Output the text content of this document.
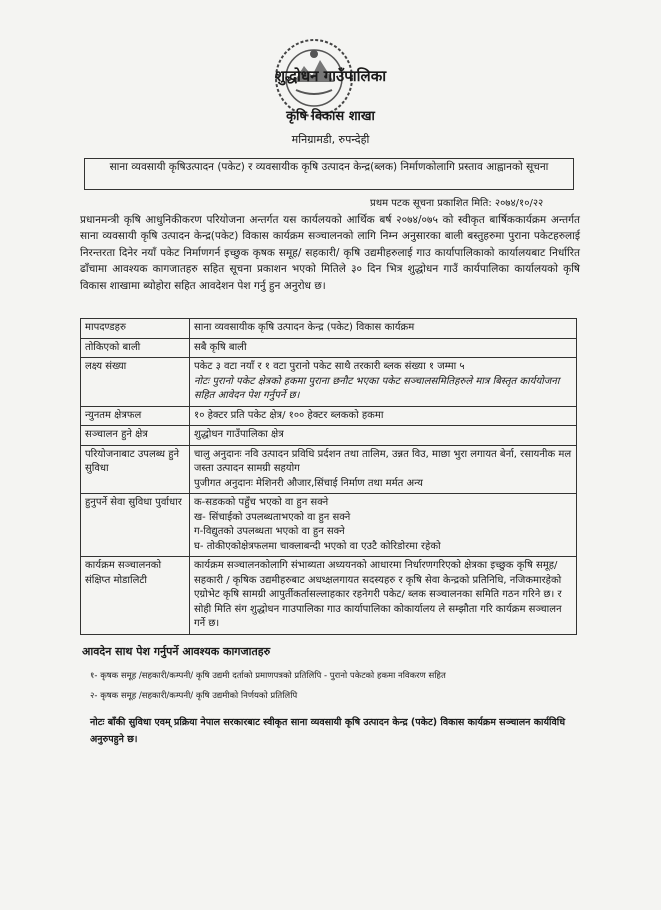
शुद्धोधन गाउँपालिका
कृषि विकास शाखा
मनिग्रामडी, रुपन्देही
साना व्यवसायी कृषिउत्पादन (पकेट) र व्यवसायीक कृषि उत्पादन केन्द्र(ब्लक) निर्माणकोलागि प्रस्ताव आह्वानको सूचना
प्रथम पटक सूचना प्रकाशित मिति: २०७४/१०/२२
प्रधानमन्त्री कृषि आधुनिकीकरण परियोजना अन्तर्गत यस कार्यलयको आर्थिक बर्ष २०७४/०७५ को स्वीकृत बार्षिककार्यक्रम अन्तर्गत साना व्यवसायी कृषि उत्पादन केन्द्र(पकेट) विकास कार्यक्रम सञ्चालनको लागि निम्न अनुसारका बाली बस्तुहरुमा पुराना पकेटहरुलाई निरन्तरता दिनेर नयाँ पकेट निर्माणगर्न इच्छुक कृषक समूह/ सहकारी/ कृषि उद्यमीहरुलाई गाउ कार्यापालिकाको कार्यालयबाट निर्धारित ढाँचामा आवश्यक कागजातहरु सहित सूचना प्रकाशन भएको मितिले ३० दिन भित्र शुद्धोधन गाउँ कार्यपालिका कार्यालयको कृषि विकास शाखामा ब्योहोरा सहित आवदेशन पेश गर्नु हुन अनुरोध छ।
मापदण्डहरु	साना व्यवसायीक कृषि उत्पादन केन्द्र (पकेट) विकास कार्यक्रम
तोकिएको बाली	सबै कृषि बाली
लक्ष्य संख्या	पकेट ३ वटा नयाँ र १ वटा पुरानो पकेट साथै तरकारी ब्लक संख्या १ जम्मा ५
नोटः पुरानो पकेट क्षेत्रको हकमा पुराना छनौट भएका पकेट सञ्चालसमितिहरुले मात्र बिस्तृत कार्ययोजना सहित आवेदन पेश गर्नुपर्ने छ।

न्युनतम क्षेत्रफल	१० हेक्टर प्रति पकेट क्षेत्र/ १०० हेक्टर ब्लकको हकमा
सञ्चालन हुने क्षेत्र	शुद्धोधन गाउँपालिका क्षेत्र
परियोजनाबाट उपलब्ध हुने सुविधा	चालु अनुदानः नवि उत्पादन प्रविधि प्रर्दशन तथा तालिम, उन्नत विउ, माछा भुरा लगायत बेर्ना, रसायनीक मल जस्ता उत्पादन सामग्री सहयोग
पुजीगत अनुदानः मेशिनरी औजार,सिंचाई निर्माण तथा मर्मत अन्य

हुनुपर्ने सेवा सुविधा पुर्वाधार	क-सडकको पहुँच भएको वा हुन सक्ने
ख- सिंचाईको उपलब्धताभएको वा हुन सक्ने
ग-विद्युतको उपलब्धता भएको वा हुन सक्ने
घ- तोकीएकोक्षेत्रफलमा चाक्लाबन्दी भएको वा एउटै कोरिडोरमा रहेको

कार्यक्रम सञ्चालनको संक्षिप्त मोडालिटी	कार्यक्रम सञ्चालनकोलागि संभाब्यता अध्ययनको आधारमा निर्धारणगरिएको क्षेत्रका इच्छुक कृषि समूह/ सहकारी / कृषिक उद्यमीहरुबाट अधध्क्षलगायत सदस्यहरु र कृषि सेवा केन्द्रको प्रतिनिधि, नजिकमारहेको एग्रोभेट कृषि सामग्री आपुर्तीकर्तासल्लाहकार रहनेगरी पकेट/ ब्लक सञ्चालनका समिति गठन गरिने छ। र सोही मिति संग शुद्धोधन गाउपालिका गाउ कार्यापालिका कोकार्यालय ले सम्झौता गरि कार्यक्रम सञ्चालन गर्ने छ।
आवदेन साथ पेश गर्नुपर्ने आवश्यक कागजातहरु
१- कृषक समूह /सहकारी/कम्पनी/ कृषि उद्यमी दर्ताको प्रमाणपत्रको प्रतिलिपि - पुरानो पकेटको हकमा नविकरण सहित
२- कृषक समूह /सहकारी/कम्पनी/ कृषि उद्यमीको निर्णयको प्रतिलिपि
नोटः बाँकी सुविधा एवम् प्रक्रिया नेपाल सरकारबाट स्वीकृत साना व्यवसायी कृषि उत्पादन केन्द्र (पकेट) विकास कार्यक्रम सञ्चालन कार्यविधि अनुरुपहुने छ।
